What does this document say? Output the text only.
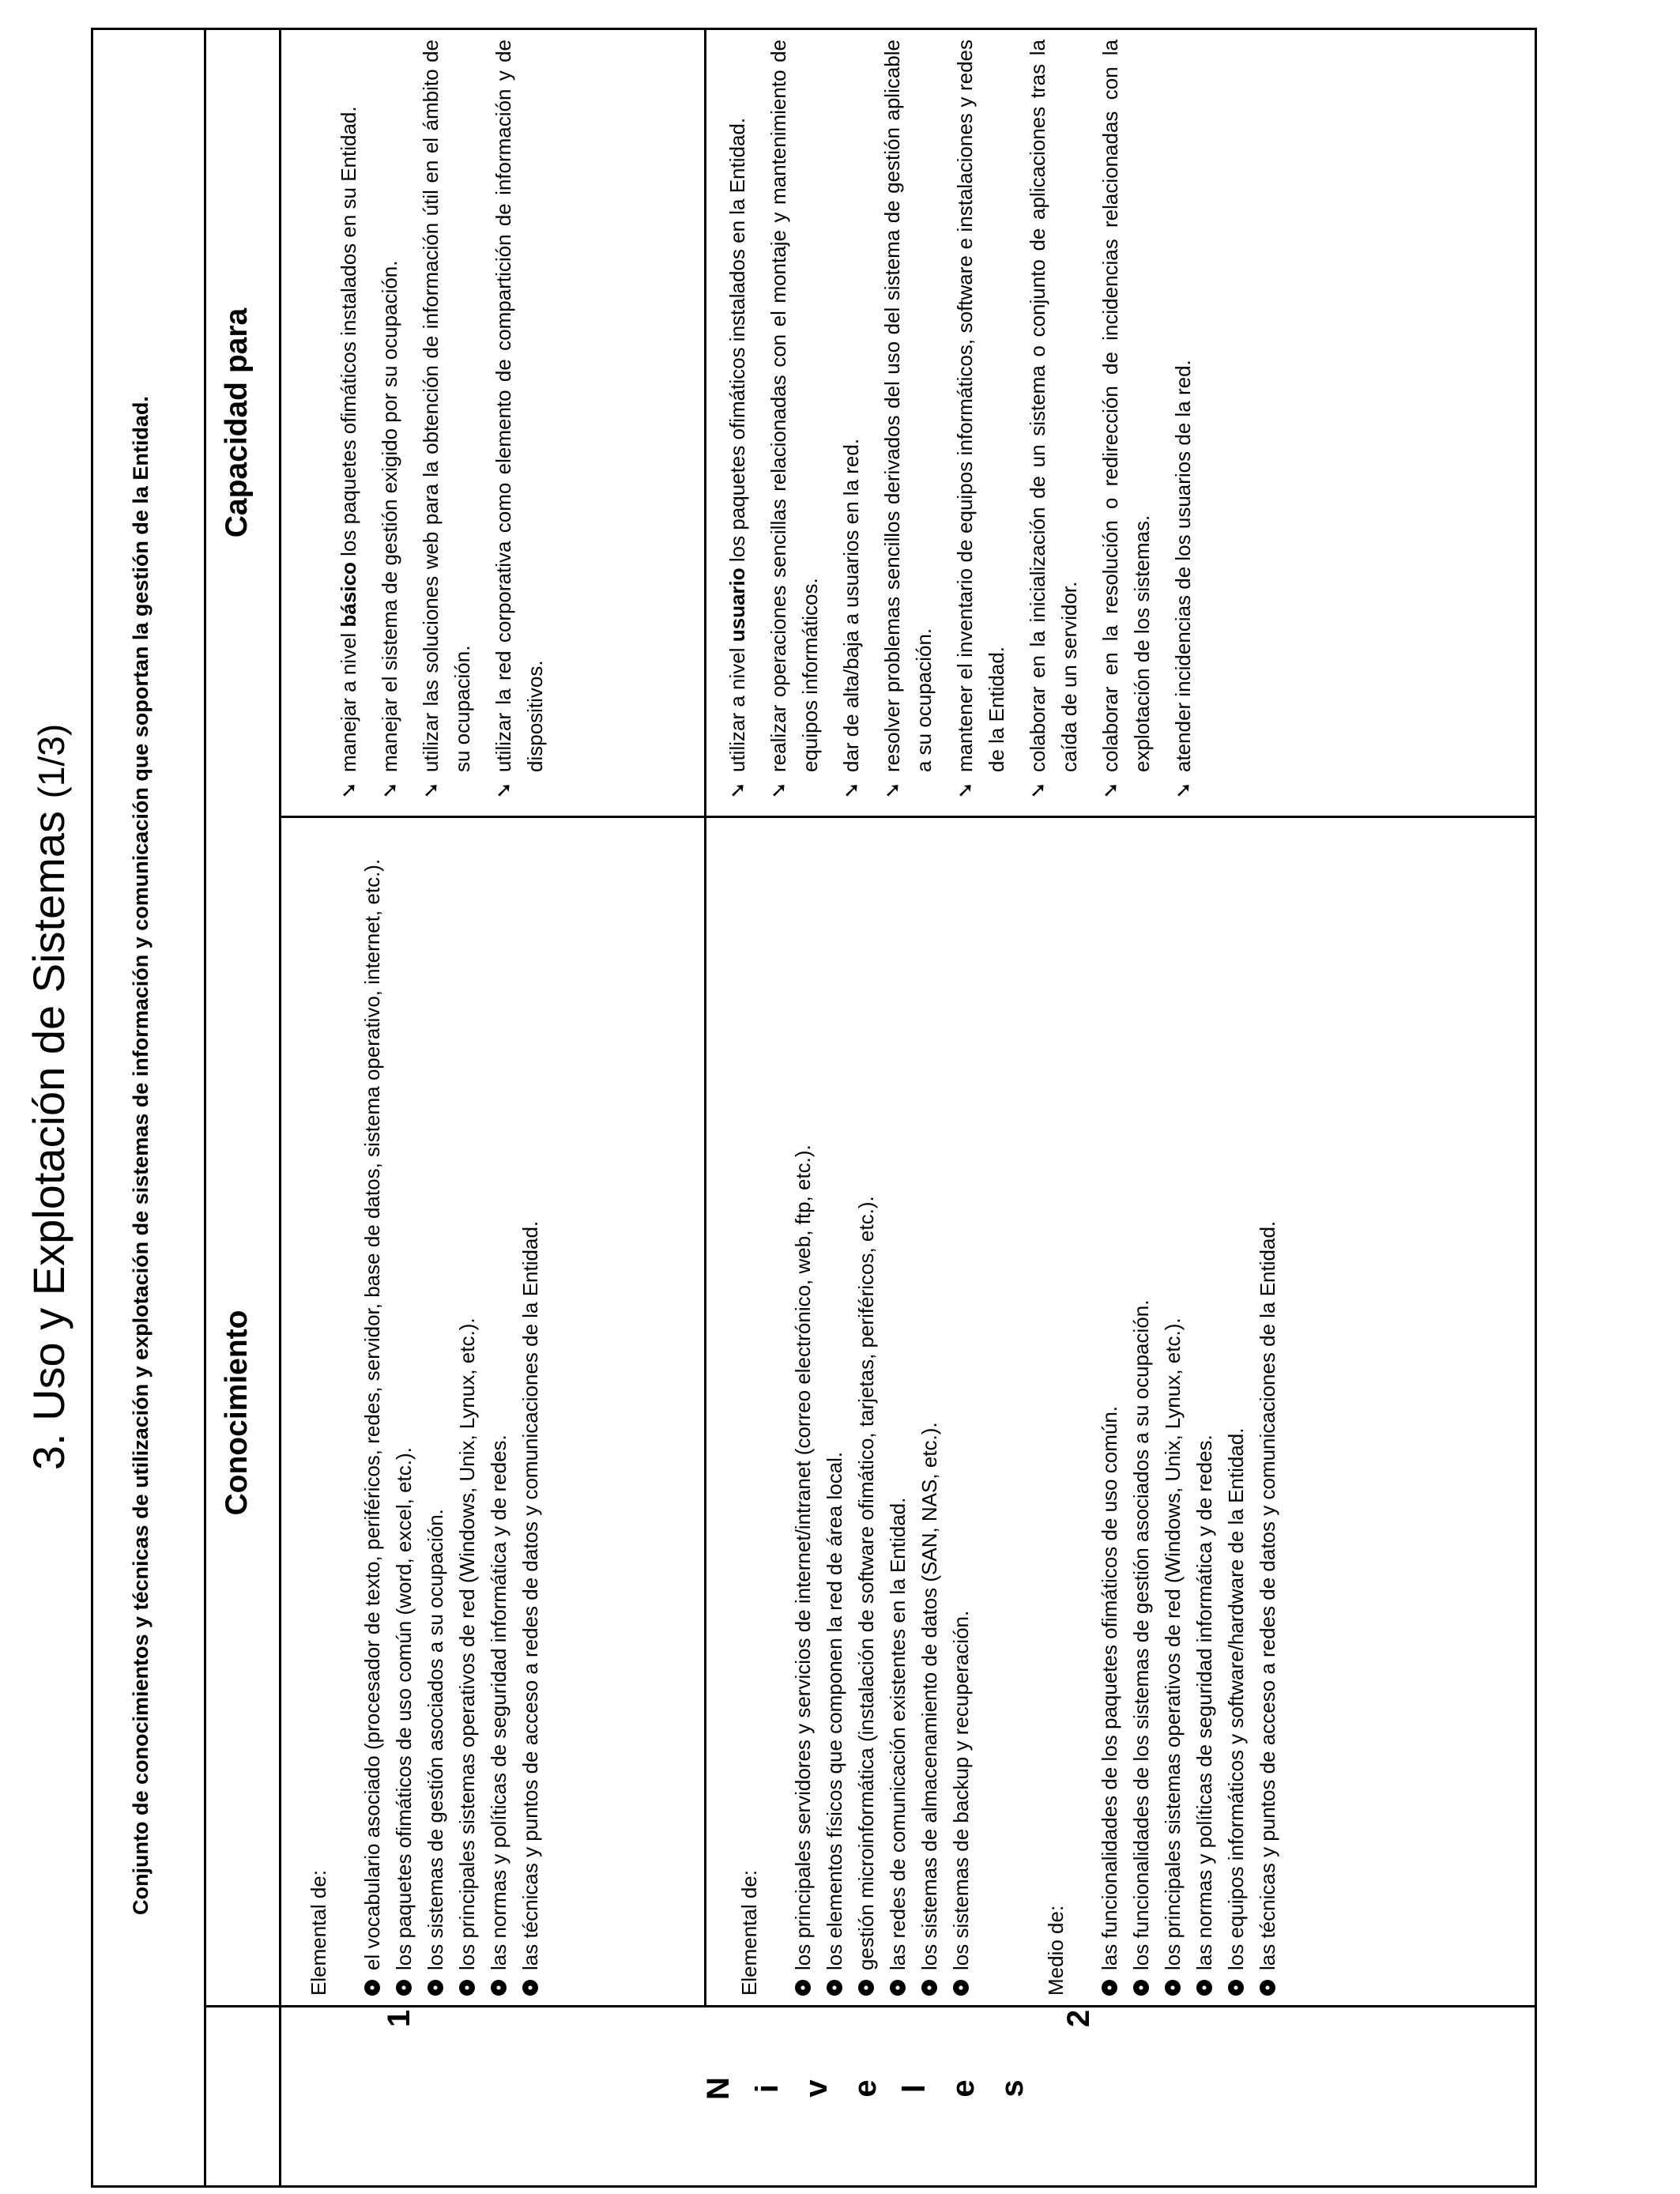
3. Uso y Explotación de Sistemas (1/3)	Conjunto de conocimientos y técnicas de utilización y explotación de sistemas de información y comunicación que soportan la gestión de la Entidad. Conocimiento
Capacidad para
N i v e l e s
1
Elemental de: el vocabulario asociado (procesador de texto, periféricos, redes, servidor, base de datos, sistema operativo, internet, etc.). los paquetes ofimáticos de uso común (word, excel, etc.). los sistemas de gestión asociados a su ocupación. los principales sistemas operativos de red (Windows, Unix, Lynux, etc.). las normas y políticas de seguridad informática y de redes. las técnicas y puntos de acceso a redes de datos y comunicaciones de la Entidad.
➘
manejar a nivel básico los paquetes ofimáticos instalados en su Entidad.
➘
manejar el sistema de gestión exigido por su ocupación.
➘
utilizar las soluciones web para la obtención de información útil en el ámbito de su ocupación.
➘
utilizar la red corporativa como elemento de compartición de información y de dispositivos.
2
Elemental de: los principales servidores y servicios de internet/intranet (correo electrónico, web, ftp, etc.). los elementos físicos que componen la red de área local. gestión microinformática (instalación de software ofimático, tarjetas, periféricos, etc.). las redes de comunicación existentes en la Entidad. los sistemas de almacenamiento de datos (SAN, NAS, etc.). los sistemas de backup y recuperación.	Medio de: las funcionalidades de los paquetes ofimáticos de uso común. los funcionalidades de los sistemas de gestión asociados a su ocupación. los principales sistemas operativos de red (Windows, Unix, Lynux, etc.). las normas y políticas de seguridad informática y de redes. los equipos informáticos y software/hardware de la Entidad. las técnicas y puntos de acceso a redes de datos y comunicaciones de la Entidad.
➘
utilizar a nivel usuario los paquetes ofimáticos instalados en la Entidad.
➘
realizar operaciones sencillas relacionadas con el montaje y mantenimiento de equipos informáticos.
➘
dar de alta/baja a usuarios en la red.
➘
resolver problemas sencillos derivados del uso del sistema de gestión aplicable a su ocupación.
➘
mantener el inventario de equipos informáticos, software e instalaciones y redes de la Entidad.
➘
colaborar en la inicialización de un sistema o conjunto de aplicaciones tras la caída de un servidor.
➘
colaborar en la resolución o redirección de incidencias relacionadas con la explotación de los sistemas.
➘
atender incidencias de los usuarios de la red.
